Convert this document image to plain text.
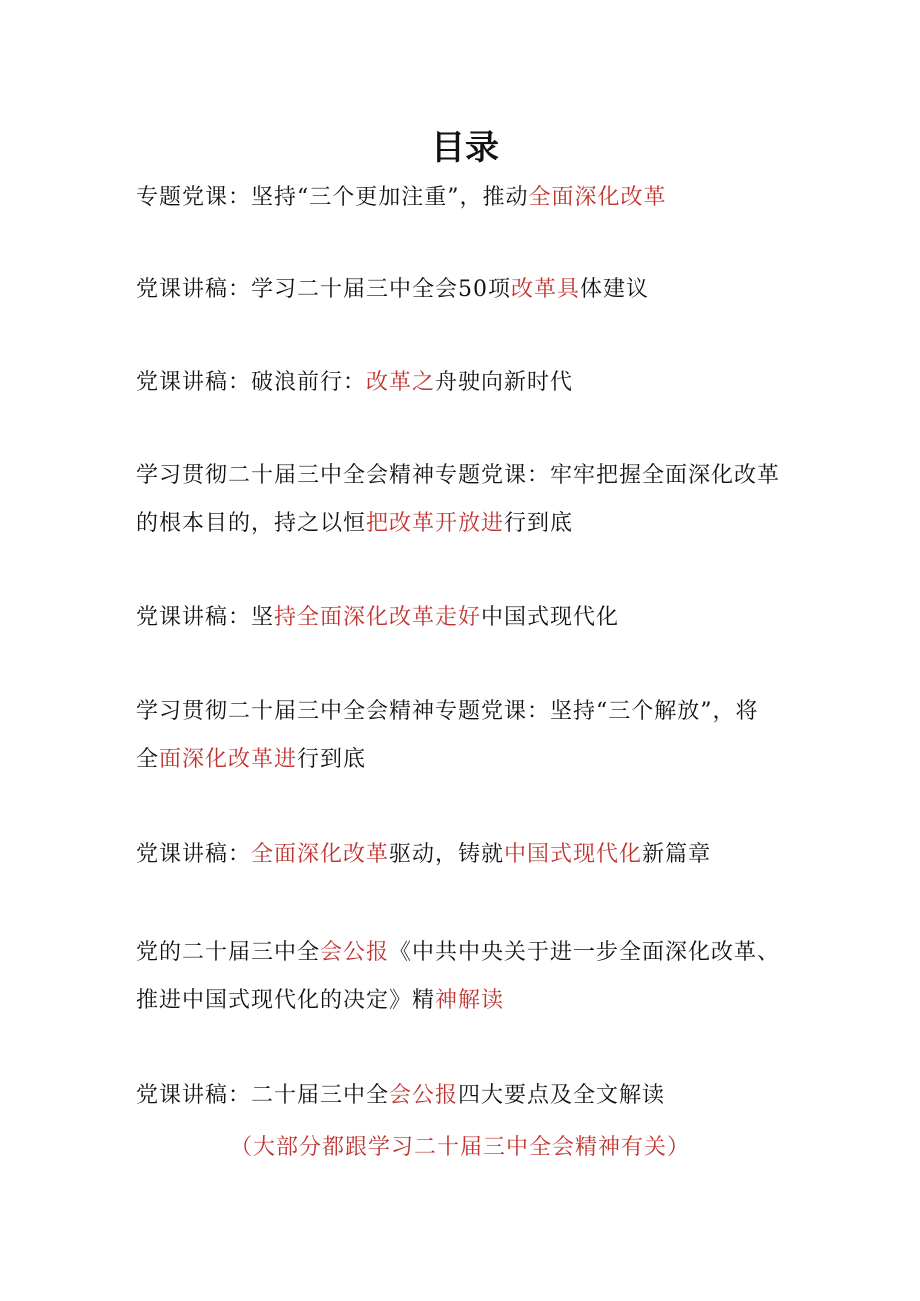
目录
专题党课：坚持“三个更加注重”，推动全面深化改革
党课讲稿：学习二十届三中全会50项改革具体建议
党课讲稿：破浪前行：改革之舟驶向新时代
学习贯彻二十届三中全会精神专题党课：牢牢把握全面深化改革
的根本目的，持之以恒把改革开放进行到底
党课讲稿：坚持全面深化改革走好中国式现代化
学习贯彻二十届三中全会精神专题党课：坚持“三个解放”，将
全面深化改革进行到底
党课讲稿：全面深化改革驱动，铸就中国式现代化新篇章
党的二十届三中全会公报《中共中央关于进一步全面深化改革、
推进中国式现代化的决定》精神解读
党课讲稿：二十届三中全会公报四大要点及全文解读
（大部分都跟学习二十届三中全会精神有关）
